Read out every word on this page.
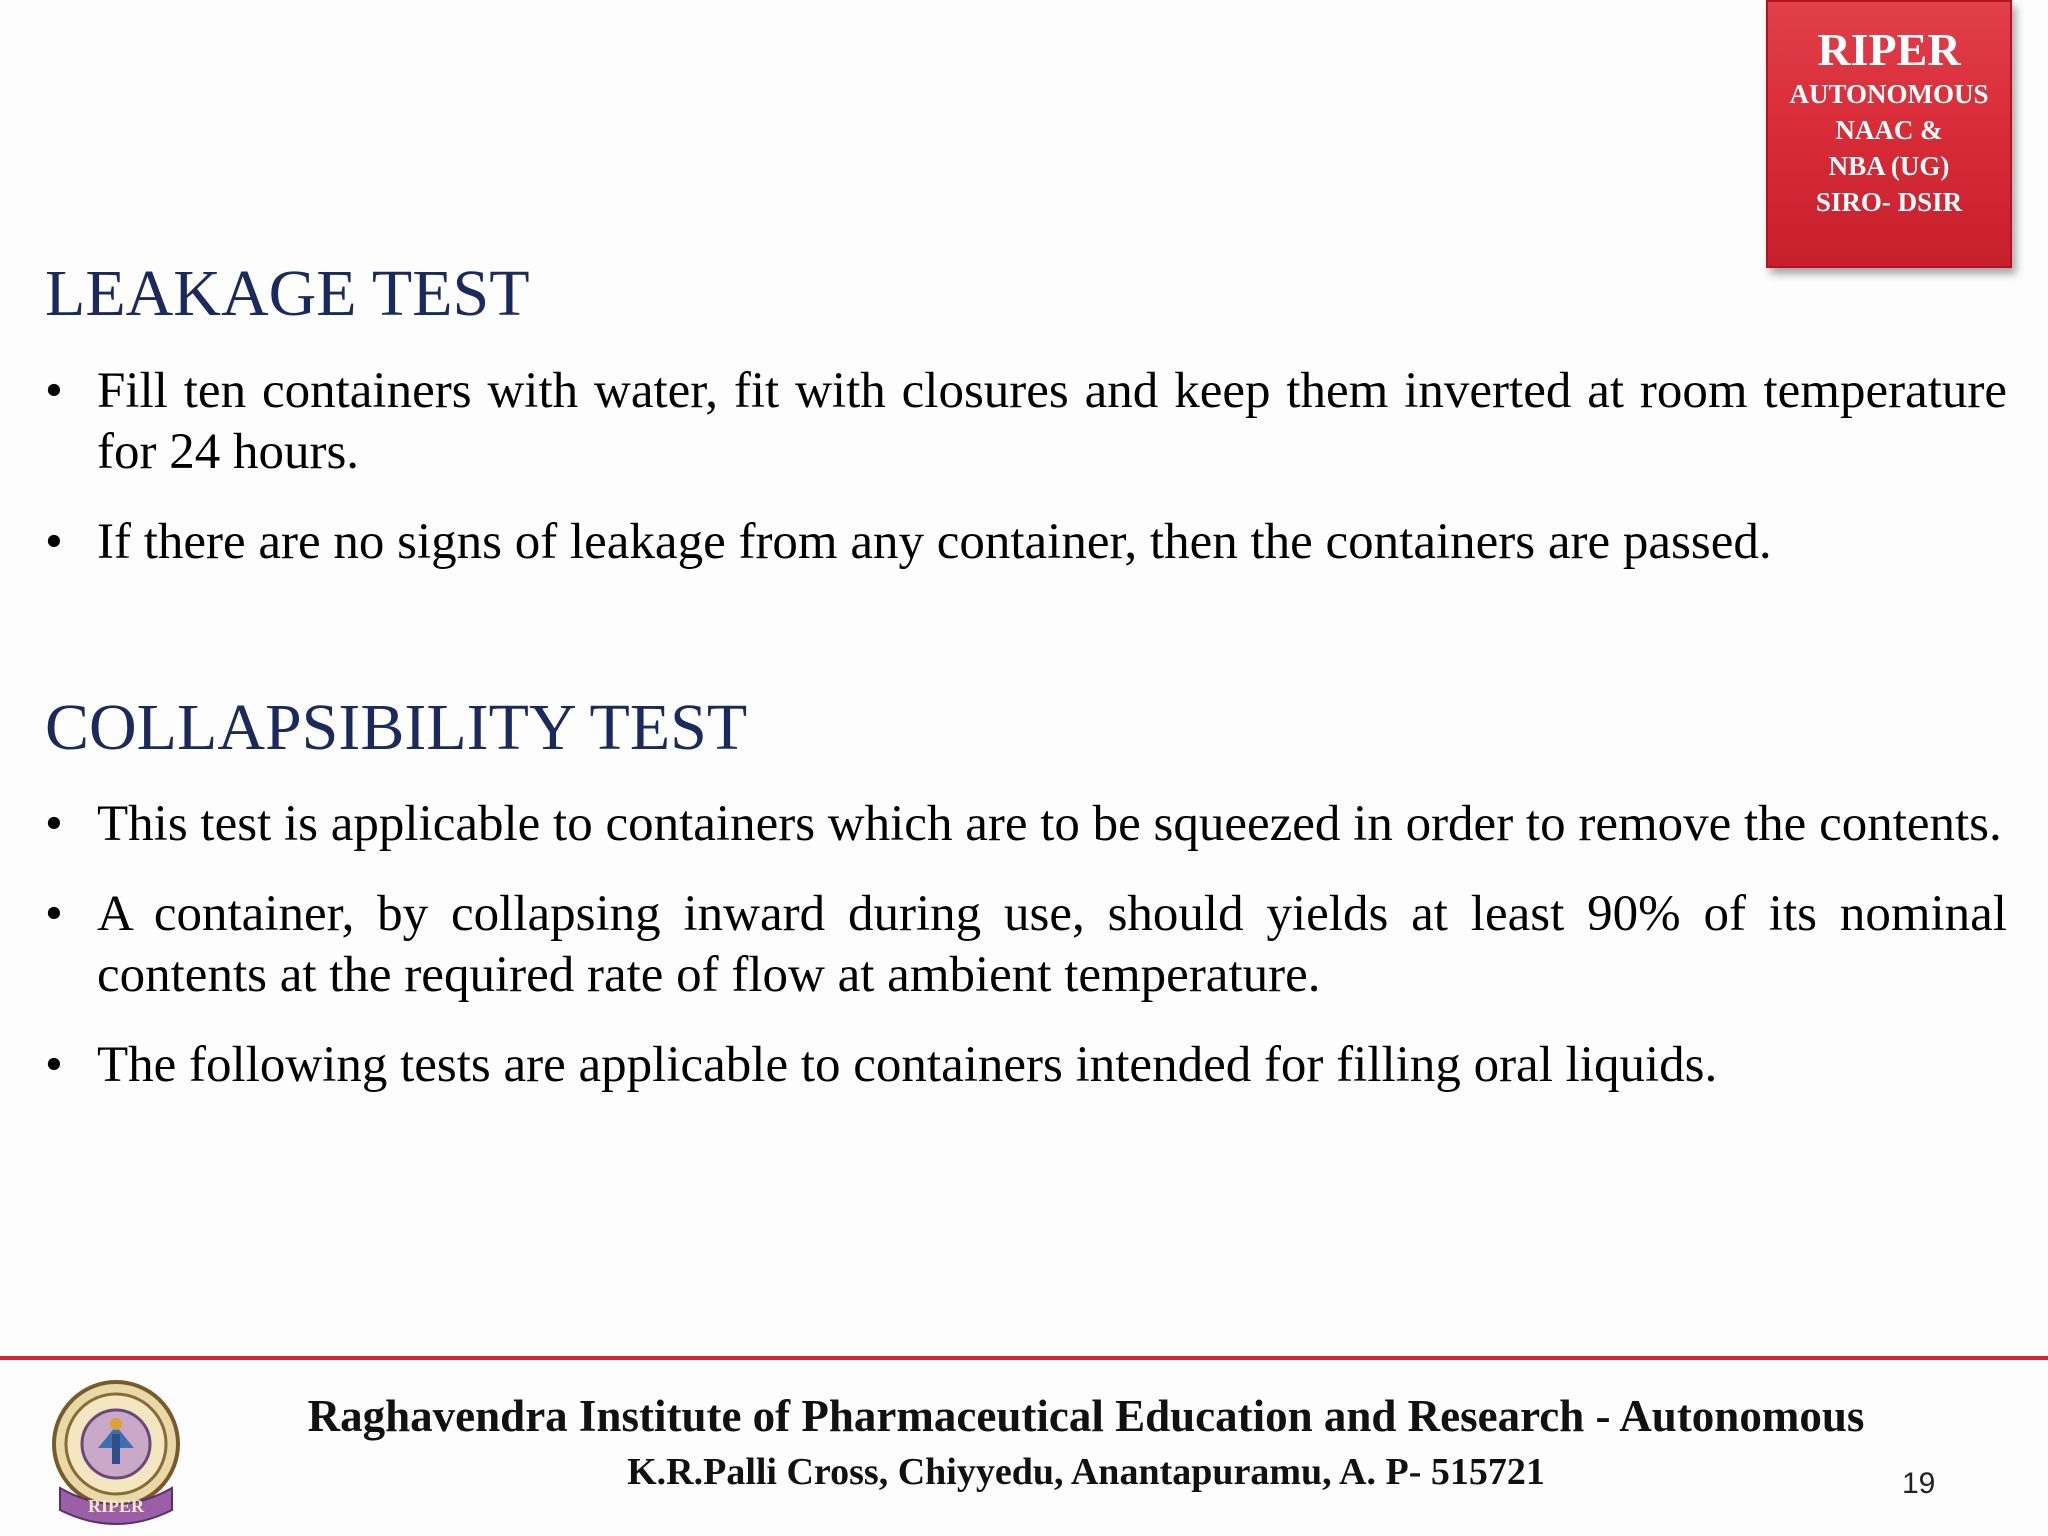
RIPER
AUTONOMOUS
NAAC &
NBA (UG)
SIRO- DSIR
LEAKAGE TEST
• Fill ten containers with water, fit with closures and keep them inverted at room temperature for 24 hours.
• If there are no signs of leakage from any container, then the containers are passed.
COLLAPSIBILITY TEST
• This test is applicable to containers which are to be squeezed in order to remove the contents.
• A container, by collapsing inward during use, should yields at least 90% of its nominal contents at the required rate of flow at ambient temperature.
• The following tests are applicable to containers intended for filling oral liquids.
RIPER
Raghavendra Institute of Pharmaceutical Education and Research - Autonomous
K.R.Palli Cross, Chiyyedu, Anantapuramu, A. P- 515721	19
